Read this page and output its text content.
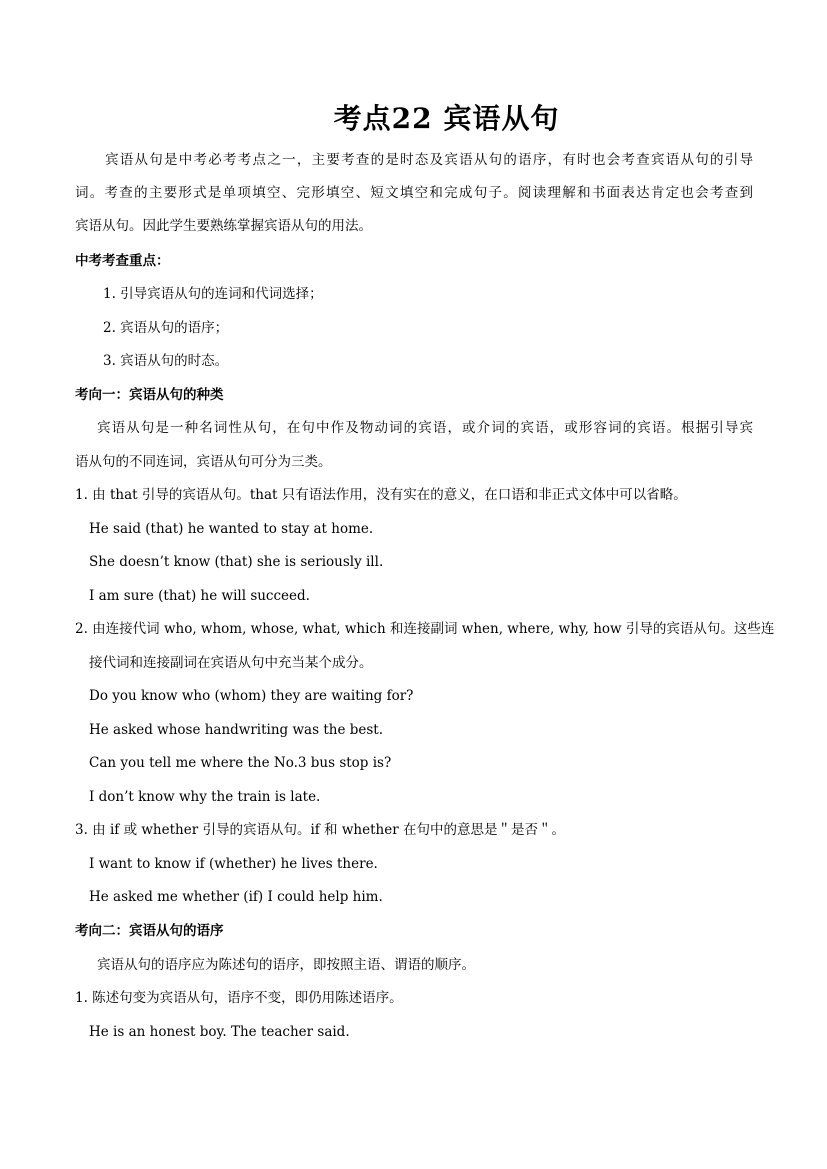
考点22 宾语从句
宾语从句是中考必考考点之一，主要考查的是时态及宾语从句的语序，有时也会考查宾语从句的引导
词。考查的主要形式是单项填空、完形填空、短文填空和完成句子。阅读理解和书面表达肯定也会考查到
宾语从句。因此学生要熟练掌握宾语从句的用法。
中考考查重点：
1. 引导宾语从句的连词和代词选择；
2. 宾语从句的语序；
3. 宾语从句的时态。
考向一：宾语从句的种类
宾语从句是一种名词性从句，在句中作及物动词的宾语，或介词的宾语，或形容词的宾语。根据引导宾
语从句的不同连词，宾语从句可分为三类。
1. 由 that 引导的宾语从句。that 只有语法作用，没有实在的意义，在口语和非正式文体中可以省略。
He said (that) he wanted to stay at home.
She doesn’t know (that) she is seriously ill.
I am sure (that) he will succeed.
2. 由连接代词 who, whom, whose, what, which 和连接副词 when, where, why, how 引导的宾语从句。这些连
接代词和连接副词在宾语从句中充当某个成分。
Do you know who (whom) they are waiting for?
He asked whose handwriting was the best.
Can you tell me where the No.3 bus stop is?
I don’t know why the train is late.
3. 由 if 或 whether 引导的宾语从句。if 和 whether 在句中的意思是＂是否＂。
I want to know if (whether) he lives there.
He asked me whether (if) I could help him.
考向二：宾语从句的语序
宾语从句的语序应为陈述句的语序，即按照主语、谓语的顺序。
1. 陈述句变为宾语从句，语序不变，即仍用陈述语序。
He is an honest boy. The teacher said.
